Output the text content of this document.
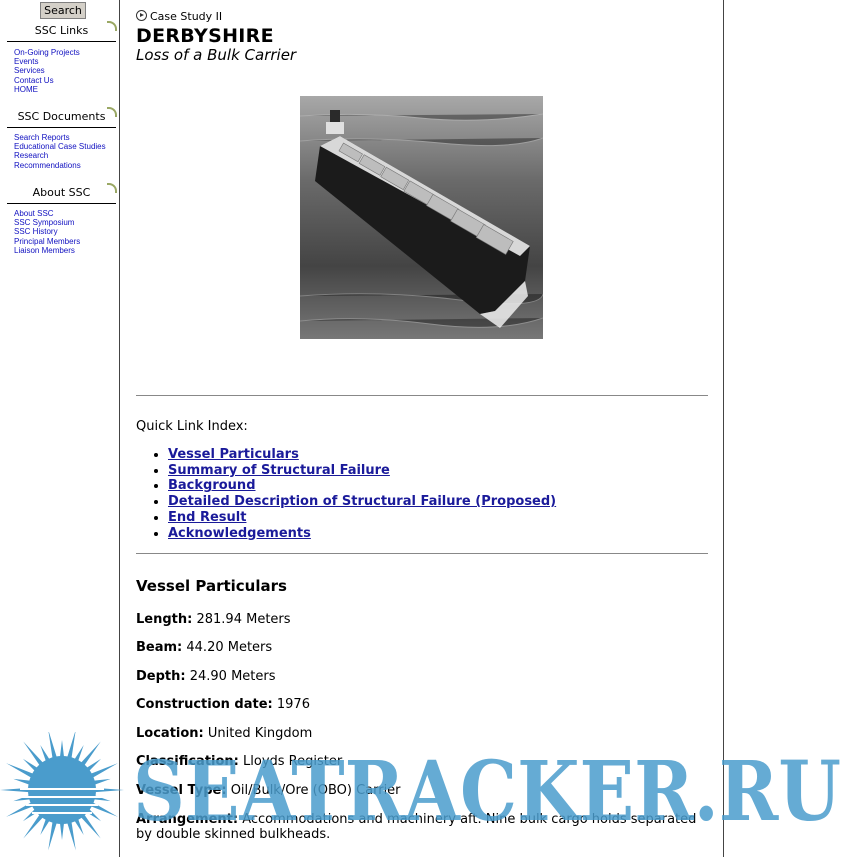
Search
SSC Links
On-Going Projects
Events
Services
Contact Us
HOME
SSC Documents
Search Reports
Educational Case Studies
Research
Recommendations
About SSC
About SSC
SSC Symposium
SSC History
Principal Members
Liaison Members
Case Study II
DERBYSHIRE
Loss of a Bulk Carrier
Quick Link Index:
• Vessel Particulars
• Summary of Structural Failure
• Background
• Detailed Description of Structural Failure (Proposed)
• End Result
• Acknowledgements
Vessel Particulars
Length: 281.94 Meters
Beam: 44.20 Meters
Depth: 24.90 Meters
Construction date: 1976
Location: United Kingdom
Classification: Lloyds Register
Vessel Type: Oil/Bulk/Ore (OBO) Carrier
Arrangement: Accommodations and machinery aft. Nine bulk cargo holds separated by double skinned bulkheads.
SEATRACKER.RU
